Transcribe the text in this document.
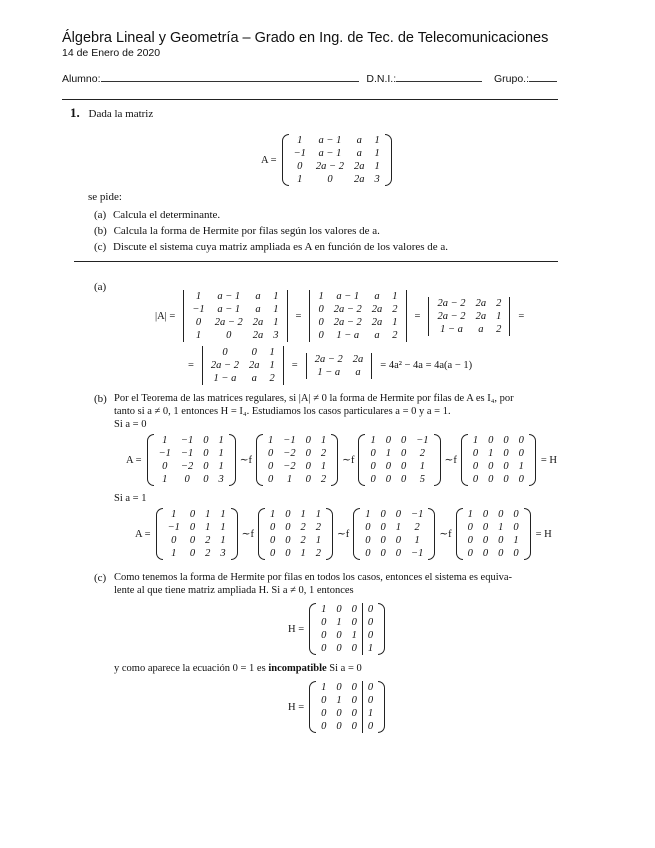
Álgebra Lineal y Geometría – Grado en Ing. de Tec. de Telecomunicaciones
14 de Enero de 2020
Alumno:	D.N.I.:	Grupo.:
1. Dada la matriz
A =
1	a − 1	a	1
−1	a − 1	a	1
0	2a − 2	2a	1
1	0	2a	3
se pide:
(a) Calcula el determinante.
(b) Calcula la forma de Hermite por filas según los valores de a.
(c) Discute el sistema cuya matriz ampliada es A en función de los valores de a.
(a)
|A| =
1	a − 1	a	1
−1	a − 1	a	1
0	2a − 2	2a	1
1	0	2a	3
=
1	a − 1	a	1
0	2a − 2	2a	2
0	2a − 2	2a	1
0	1 − a	a	2
=
2a − 2	2a	2
2a − 2	2a	1
1 − a	a	2
=
=
0	0	1
2a − 2	2a	1
1 − a	a	2
=
2a − 2	2a
1 − a	a
= 4a² − 4a = 4a(a − 1)
(b) Por el Teorema de las matrices regulares, si |A| ≠ 0 la forma de Hermite por filas de A es I₄, por
tanto si a ≠ 0, 1 entonces H = I₄. Estudiamos los casos particulares a = 0 y a = 1.
Si a = 0
A =
1	−1	0	1
−1	−1	0	1
0	−2	0	1
1	0	0	3
∼f
1	−1	0	1
0	−2	0	2
0	−2	0	1
0	1	0	2
∼f
1	0	0	−1
0	1	0	2
0	0	0	1
0	0	0	5
∼f
1	0	0	0
0	1	0	0
0	0	0	1
0	0	0	0
= H
Si a = 1
A =
1	0	1	1
−1	0	1	1
0	0	2	1
1	0	2	3
∼f
1	0	1	1
0	0	2	2
0	0	2	1
0	0	1	2
∼f
1	0	0	−1
0	0	1	2
0	0	0	1
0	0	0	−1
∼f
1	0	0	0
0	0	1	0
0	0	0	1
0	0	0	0
= H
(c) Como tenemos la forma de Hermite por filas en todos los casos, entonces el sistema es equiva-
lente al que tiene matriz ampliada H. Si a ≠ 0, 1 entonces
H =
1	0	0	0
0	1	0	0
0	0	1	0
0	0	0	1
y como aparece la ecuación 0 = 1 es incompatible Si a = 0
H =
1	0	0	0
0	1	0	0
0	0	0	1
0	0	0	0
